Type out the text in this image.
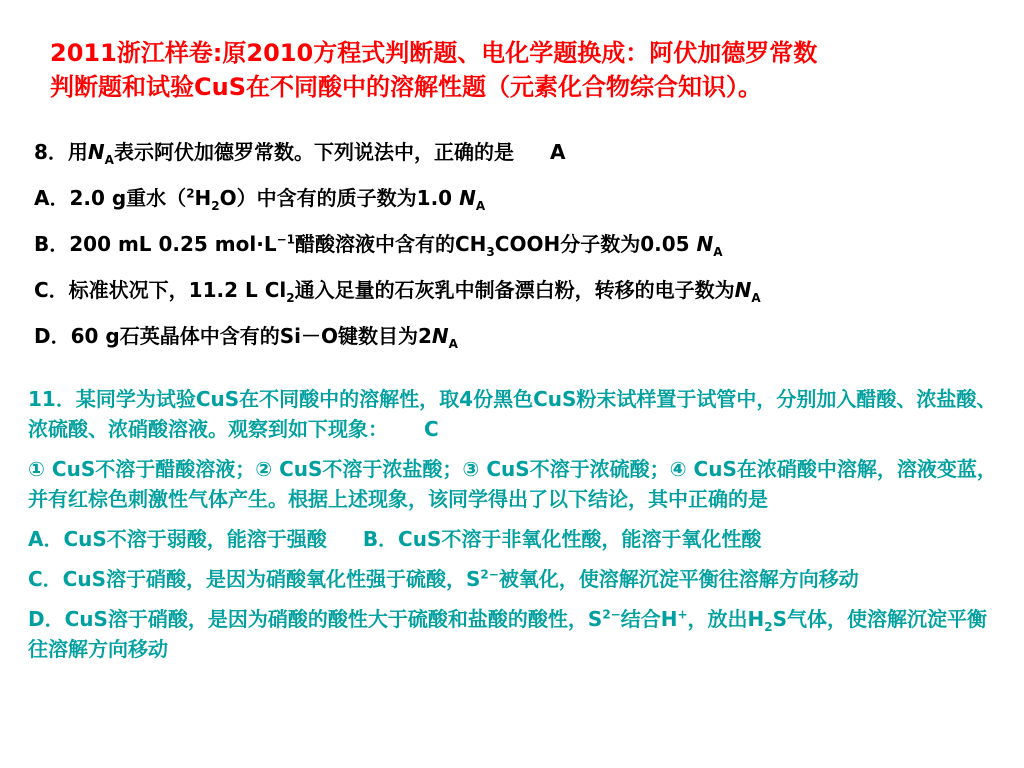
2011浙江样卷:原2010方程式判断题、电化学题换成：阿伏加德罗常数
判断题和试验CuS在不同酸中的溶解性题（元素化合物综合知识）。
8．用$N_A$表示阿伏加德罗常数。下列说法中，正确的是 A
A．2.0 g重水$(^2H_2O)$中含有的质子数为1.0 $N_A$
B．200 mL 0.25 $mol\cdot L^{-1}$醋酸溶液中含有的$CH_3COOH$分子数为0.05 $N_A$
C．标准状况下，11.2 L $Cl_2$通入足量的石灰乳中制备漂白粉，转移的电子数为$N_A$
D．60 g石英晶体中含有的Si－O键数目为$2N_A$
11．某同学为试验CuS在不同酸中的溶解性，取4份黑色CuS粉末试样置于试管中，分别加入醋酸、浓盐酸、浓硫酸、浓硝酸溶液。观察到如下现象： C
① CuS不溶于醋酸溶液；② CuS不溶于浓盐酸；③ CuS不溶于浓硫酸；④ CuS在浓硝酸中溶解，溶液变蓝，并有红棕色刺激性气体产生。根据上述现象，该同学得出了以下结论，其中正确的是
A．CuS不溶于弱酸，能溶于强酸 B．CuS不溶于非氧化性酸，能溶于氧化性酸
C．CuS溶于硝酸，是因为硝酸氧化性强于硫酸，$S^{2-}$被氧化，使溶解沉淀平衡往溶解方向移动
D．CuS溶于硝酸，是因为硝酸的酸性大于硫酸和盐酸的酸性，$S^{2-}$结合H+，放出$H_2S$气体，使溶解沉淀平衡往溶解方向移动
